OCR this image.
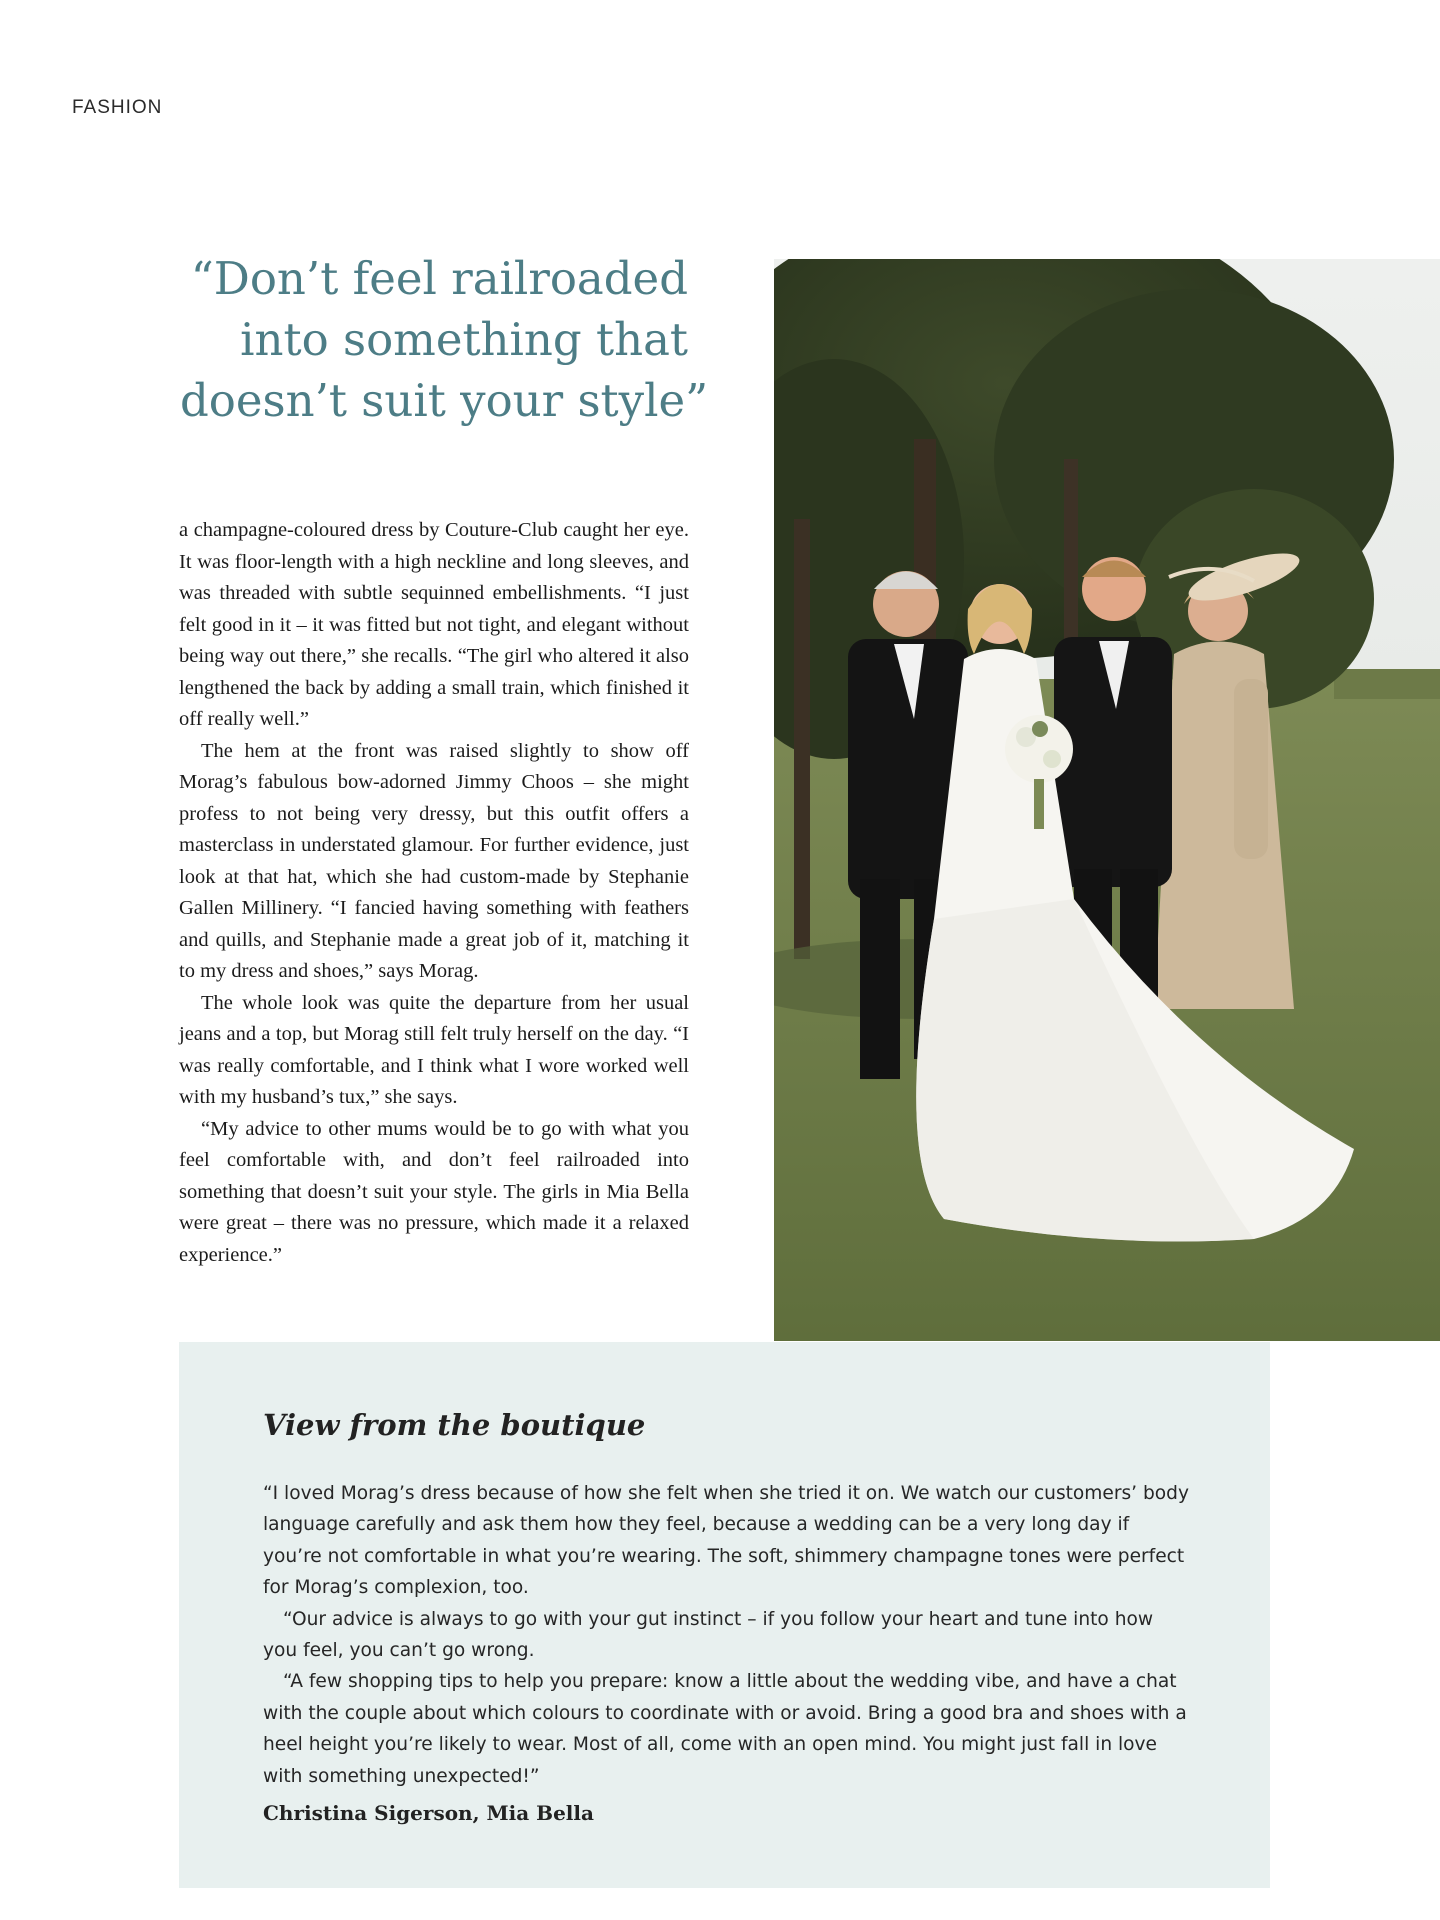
FASHION
“Don’t feel railroaded
into something that
doesn’t suit your style”

a champagne-coloured dress by Couture-Club caught her eye. It was floor-length with a high neckline and long sleeves, and was threaded with subtle sequinned embellishments. “I just felt good in it – it was fitted but not tight, and elegant without being way out there,” she recalls. “The girl who altered it also lengthened the back by adding a small train, which finished it off really well.”

The hem at the front was raised slightly to show off Morag’s fabulous bow-adorned Jimmy Choos – she might profess to not being very dressy, but this outfit offers a masterclass in understated glamour. For further evidence, just look at that hat, which she had custom-made by Stephanie Gallen Millinery. “I fancied having something with feathers and quills, and Stephanie made a great job of it, matching it to my dress and shoes,” says Morag.

The whole look was quite the departure from her usual jeans and a top, but Morag still felt truly herself on the day. “I was really comfortable, and I think what I wore worked well with my husband’s tux,” she says.

“My advice to other mums would be to go with what you feel comfortable with, and don’t feel railroaded into something that doesn’t suit your style. The girls in Mia Bella were great – there was no pressure, which made it a relaxed experience.”

View from the boutique

“I loved Morag’s dress because of how she felt when she tried it on. We watch our customers’ body language carefully and ask them how they feel, because a wedding can be a very long day if you’re not comfortable in what you’re wearing. The soft, shimmery champagne tones were perfect for Morag’s complexion, too.

“Our advice is always to go with your gut instinct – if you follow your heart and tune into how you feel, you can’t go wrong.

“A few shopping tips to help you prepare: know a little about the wedding vibe, and have a chat with the couple about which colours to coordinate with or avoid. Bring a good bra and shoes with a heel height you’re likely to wear. Most of all, come with an open mind. You might just fall in love with something unexpected!”

Christina Sigerson, Mia Bella
